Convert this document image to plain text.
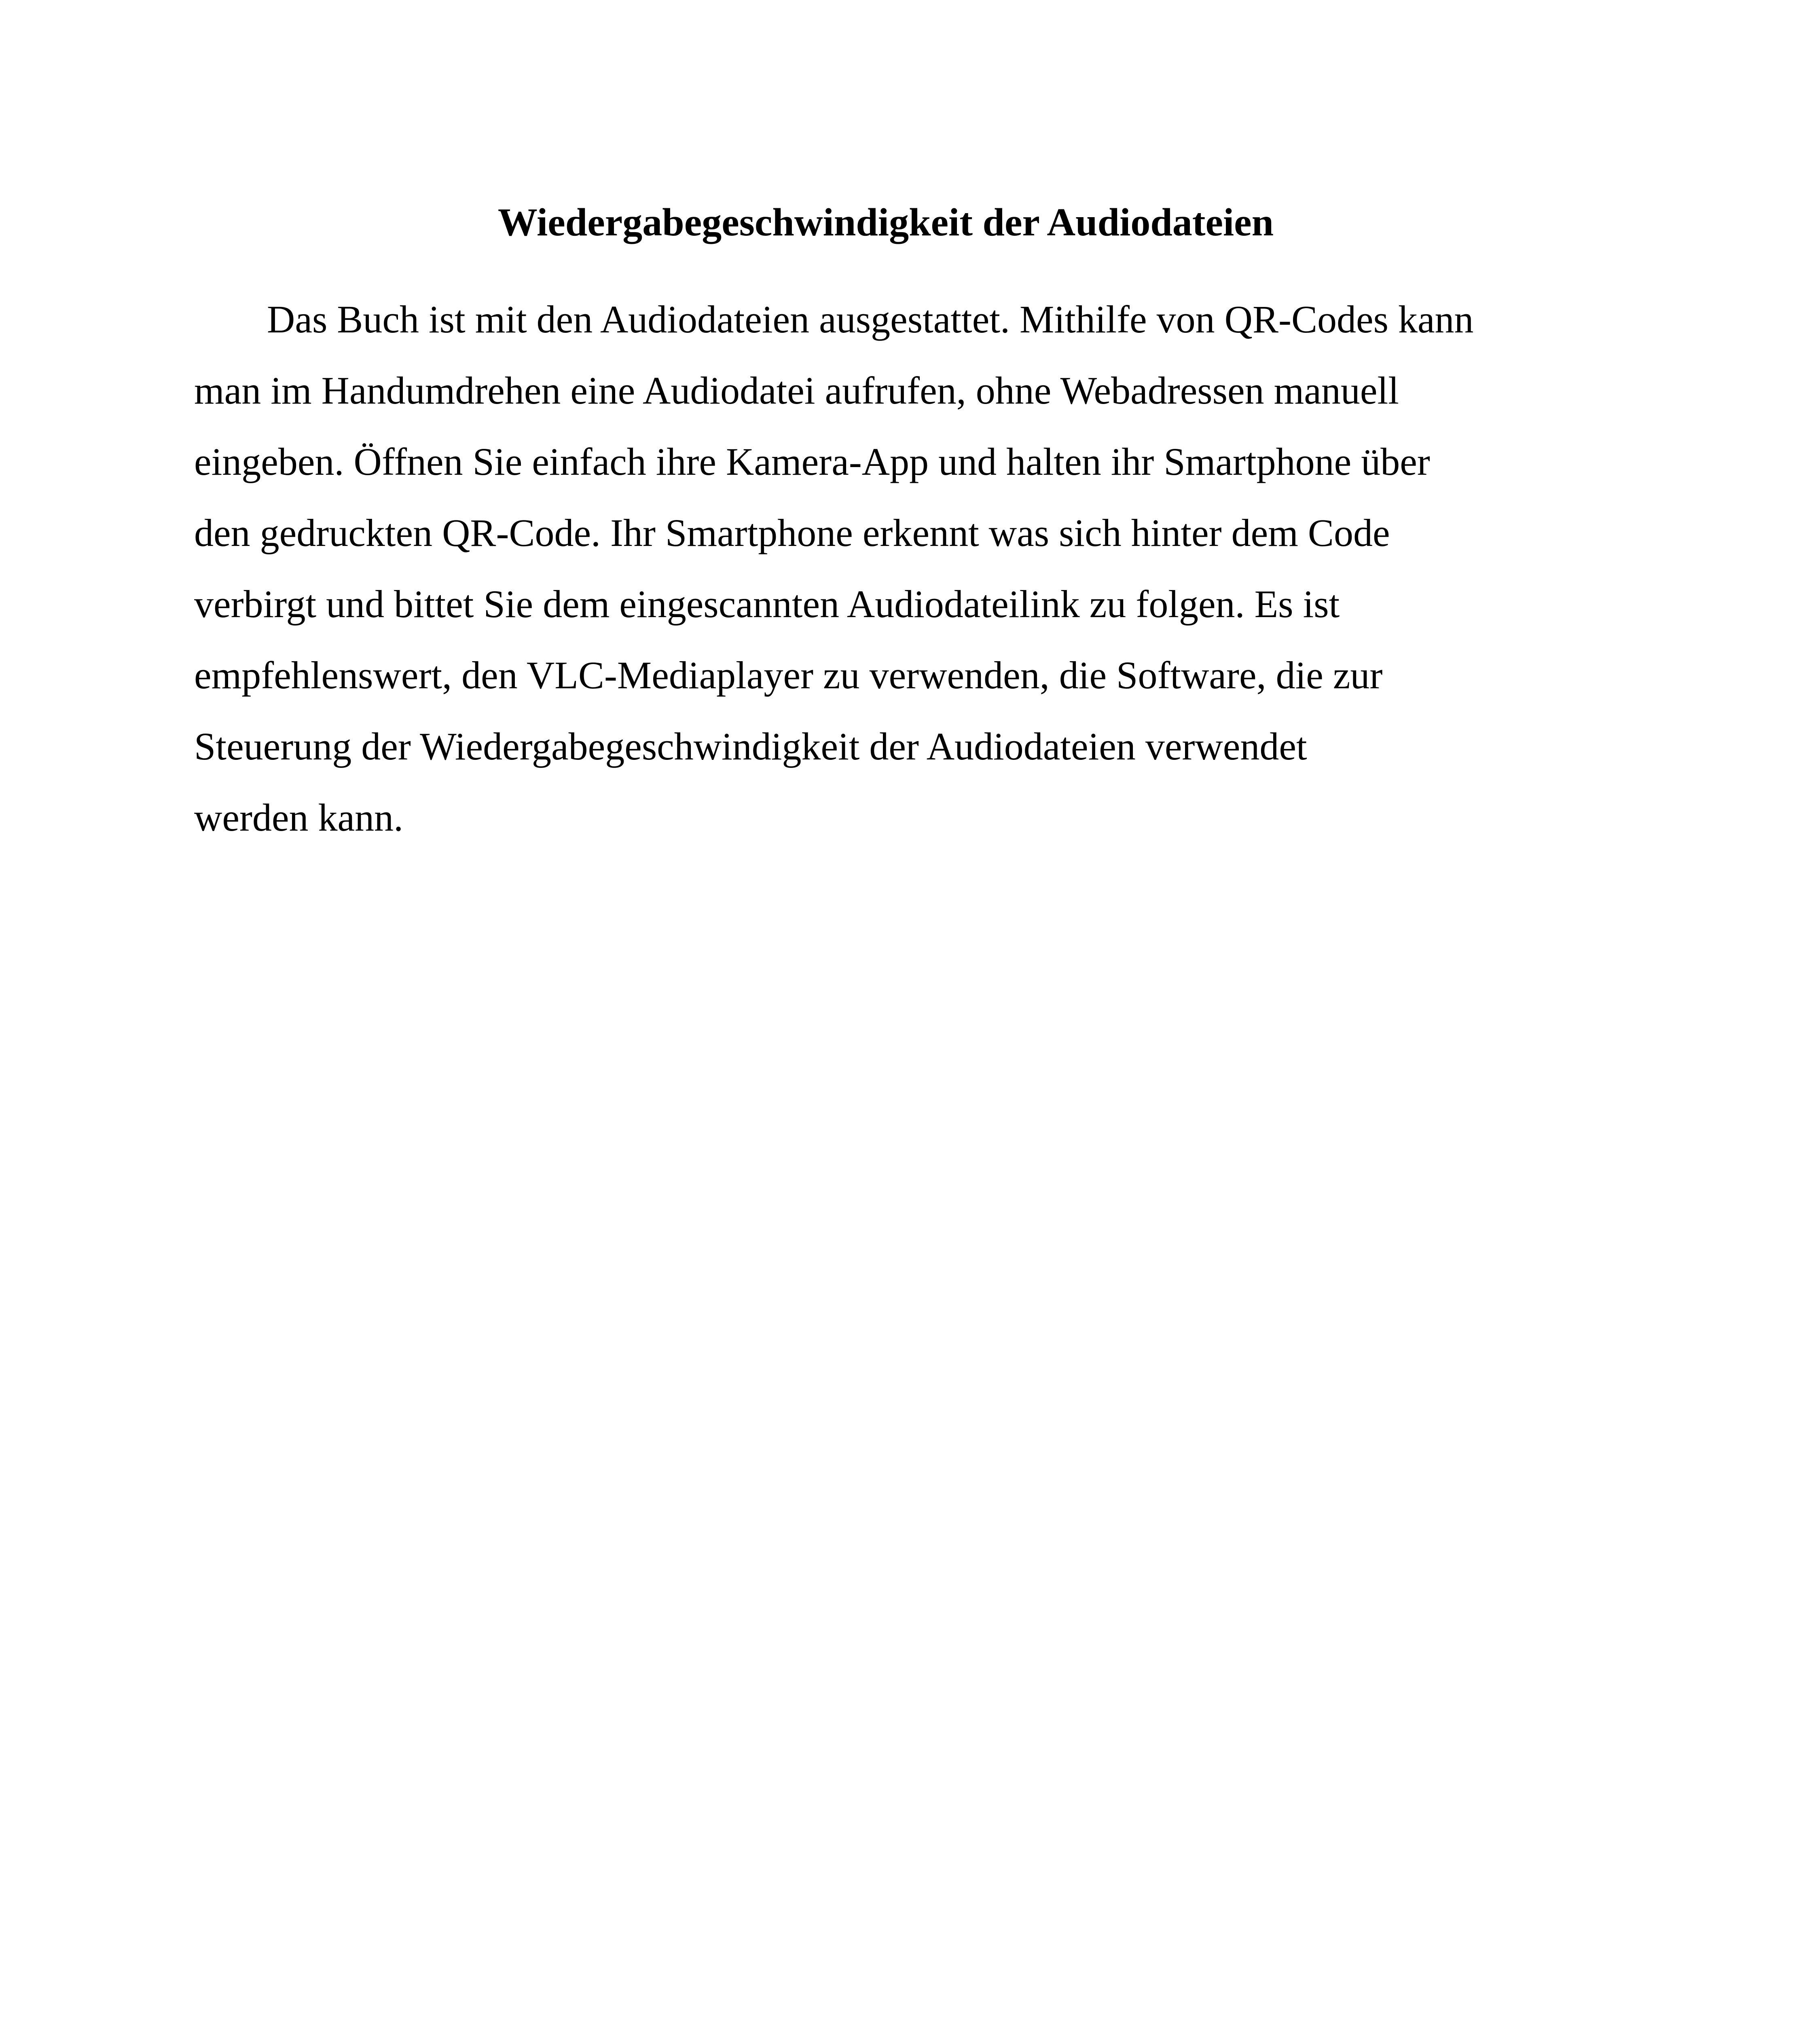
Wiedergabegeschwindigkeit der Audiodateien
Das Buch ist mit den Audiodateien ausgestattet. Mithilfe von QR-Codes kann
man im Handumdrehen eine Audiodatei aufrufen, ohne Webadressen manuell
eingeben. Öffnen Sie einfach ihre Kamera-App und halten ihr Smartphone über
den gedruckten QR-Code. Ihr Smartphone erkennt was sich hinter dem Code
verbirgt und bittet Sie dem eingescannten Audiodateilink zu folgen. Es ist
empfehlenswert, den VLC-Mediaplayer zu verwenden, die Software, die zur
Steuerung der Wiedergabegeschwindigkeit der Audiodateien verwendet
werden kann.
